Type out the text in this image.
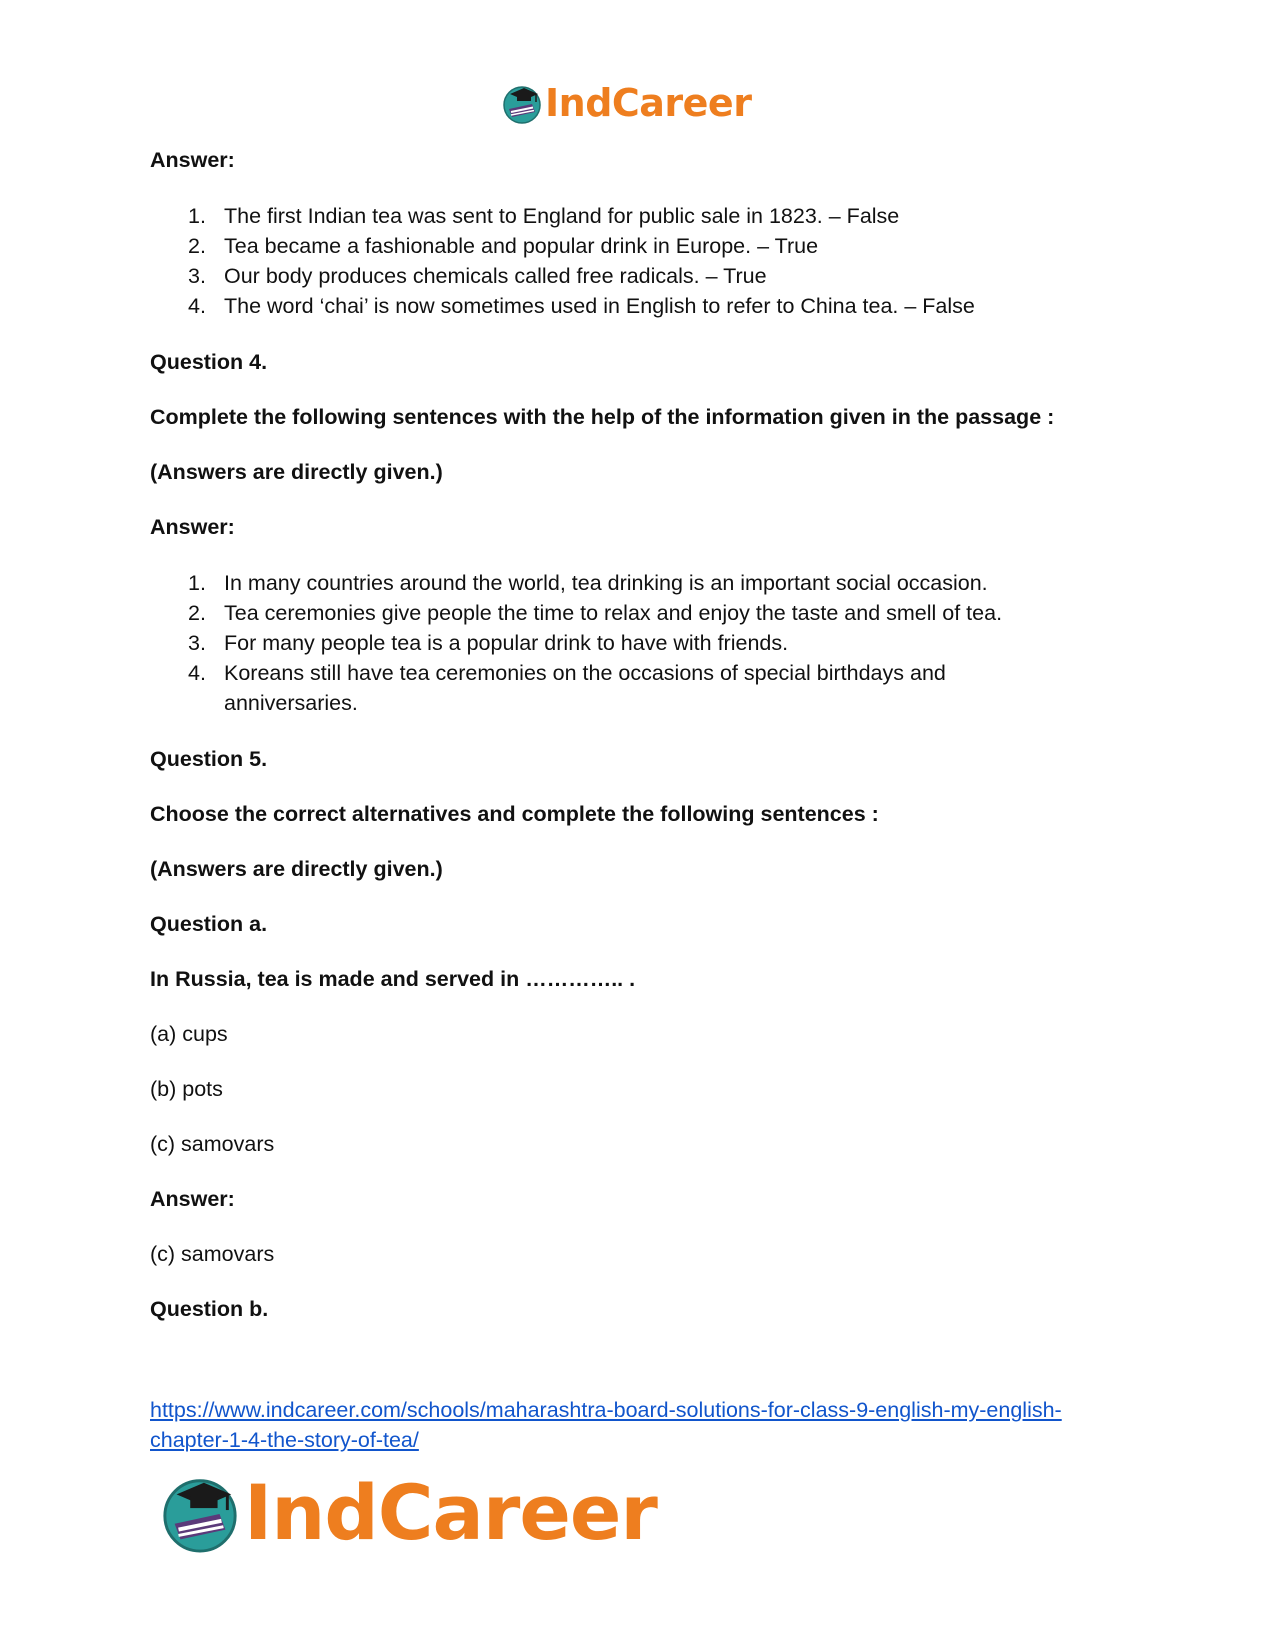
IndCareer

Answer:

1. The first Indian tea was sent to England for public sale in 1823. – False
2. Tea became a fashionable and popular drink in Europe. – True
3. Our body produces chemicals called free radicals. – True
4. The word ‘chai’ is now sometimes used in English to refer to China tea. – False

Question 4.

Complete the following sentences with the help of the information given in the passage :

(Answers are directly given.)

Answer:

1. In many countries around the world, tea drinking is an important social occasion.
2. Tea ceremonies give people the time to relax and enjoy the taste and smell of tea.
3. For many people tea is a popular drink to have with friends.
4. Koreans still have tea ceremonies on the occasions of special birthdays and anniversaries.

Question 5.

Choose the correct alternatives and complete the following sentences :

(Answers are directly given.)

Question a.

In Russia, tea is made and served in ………….. .

(a) cups

(b) pots

(c) samovars

Answer:

(c) samovars

Question b.

https://www.indcareer.com/schools/maharashtra-board-solutions-for-class-9-english-my-english-chapter-1-4-the-story-of-tea/
IndCareer
